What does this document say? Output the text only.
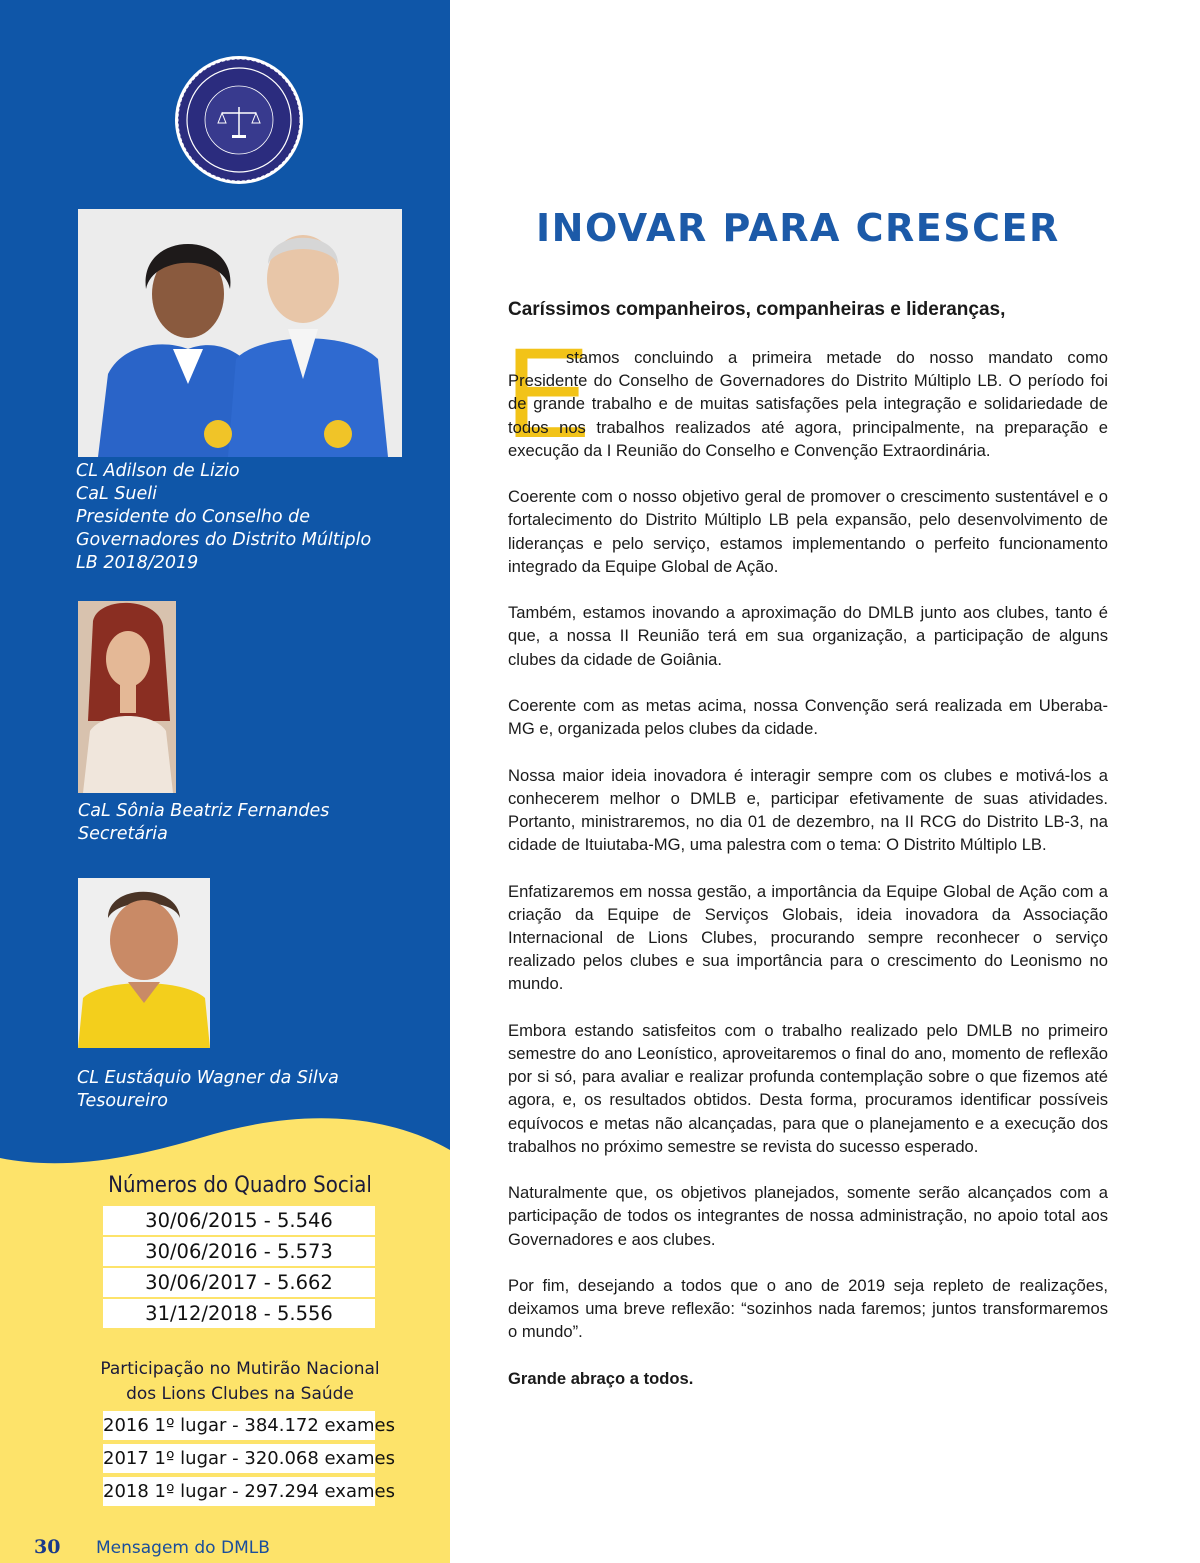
CL Adilson de Lizio
CaL Sueli
Presidente do Conselho de
Governadores do Distrito Múltiplo
LB 2018/2019
CaL Sônia Beatriz Fernandes
Secretária
CL Eustáquio Wagner da Silva
Tesoureiro
Números do Quadro Social
30/06/2015 - 5.546
30/06/2016 - 5.573
30/06/2017 - 5.662
31/12/2018 - 5.556
Participação no Mutirão Nacional
dos Lions Clubes na Saúde
2016 1º lugar - 384.172 exames
2017 1º lugar - 320.068 exames
2018 1º lugar - 297.294 exames
30 Mensagem do DMLB
INOVAR PARA CRESCER
Caríssimos companheiros, companheiras e lideranças,
E

stamos concluindo a primeira metade do nosso mandato como Presidente do Conselho de Governadores do Distrito Múltiplo LB. O período foi de grande trabalho e de muitas satisfações pela integração e solidariedade de todos nos trabalhos realizados até agora, principalmente, na preparação e execução da I Reunião do Conselho e Convenção Extraordinária.

Coerente com o nosso objetivo geral de promover o crescimento sustentável e o fortalecimento do Distrito Múltiplo LB pela expansão, pelo desenvolvimento de lideranças e pelo serviço, estamos implementando o perfeito funcionamento integrado da Equipe Global de Ação.

Também, estamos inovando a aproximação do DMLB junto aos clubes, tanto é que, a nossa II Reunião terá em sua organização, a participação de alguns clubes da cidade de Goiânia.

Coerente com as metas acima, nossa Convenção será realizada em Uberaba-MG e, organizada pelos clubes da cidade.

Nossa maior ideia inovadora é interagir sempre com os clubes e motivá-los a conhecerem melhor o DMLB e, participar efetivamente de suas atividades. Portanto, ministraremos, no dia 01 de dezembro, na II RCG do Distrito LB-3, na cidade de Ituiutaba-MG, uma palestra com o tema: O Distrito Múltiplo LB.

Enfatizaremos em nossa gestão, a importância da Equipe Global de Ação com a criação da Equipe de Serviços Globais, ideia inovadora da Associação Internacional de Lions Clubes, procurando sempre reconhecer o serviço realizado pelos clubes e sua importância para o crescimento do Leonismo no mundo.

Embora estando satisfeitos com o trabalho realizado pelo DMLB no primeiro semestre do ano Leonístico, aproveitaremos o final do ano, momento de reflexão por si só, para avaliar e realizar profunda contemplação sobre o que fizemos até agora, e, os resultados obtidos. Desta forma, procuramos identificar possíveis equívocos e metas não alcançadas, para que o planejamento e a execução dos trabalhos no próximo semestre se revista do sucesso esperado.

Naturalmente que, os objetivos planejados, somente serão alcançados com a participação de todos os integrantes de nossa administração, no apoio total aos Governadores e aos clubes.

Por fim, desejando a todos que o ano de 2019 seja repleto de realizações, deixamos uma breve reflexão: “sozinhos nada faremos; juntos transformaremos o mundo”.

Grande abraço a todos.
